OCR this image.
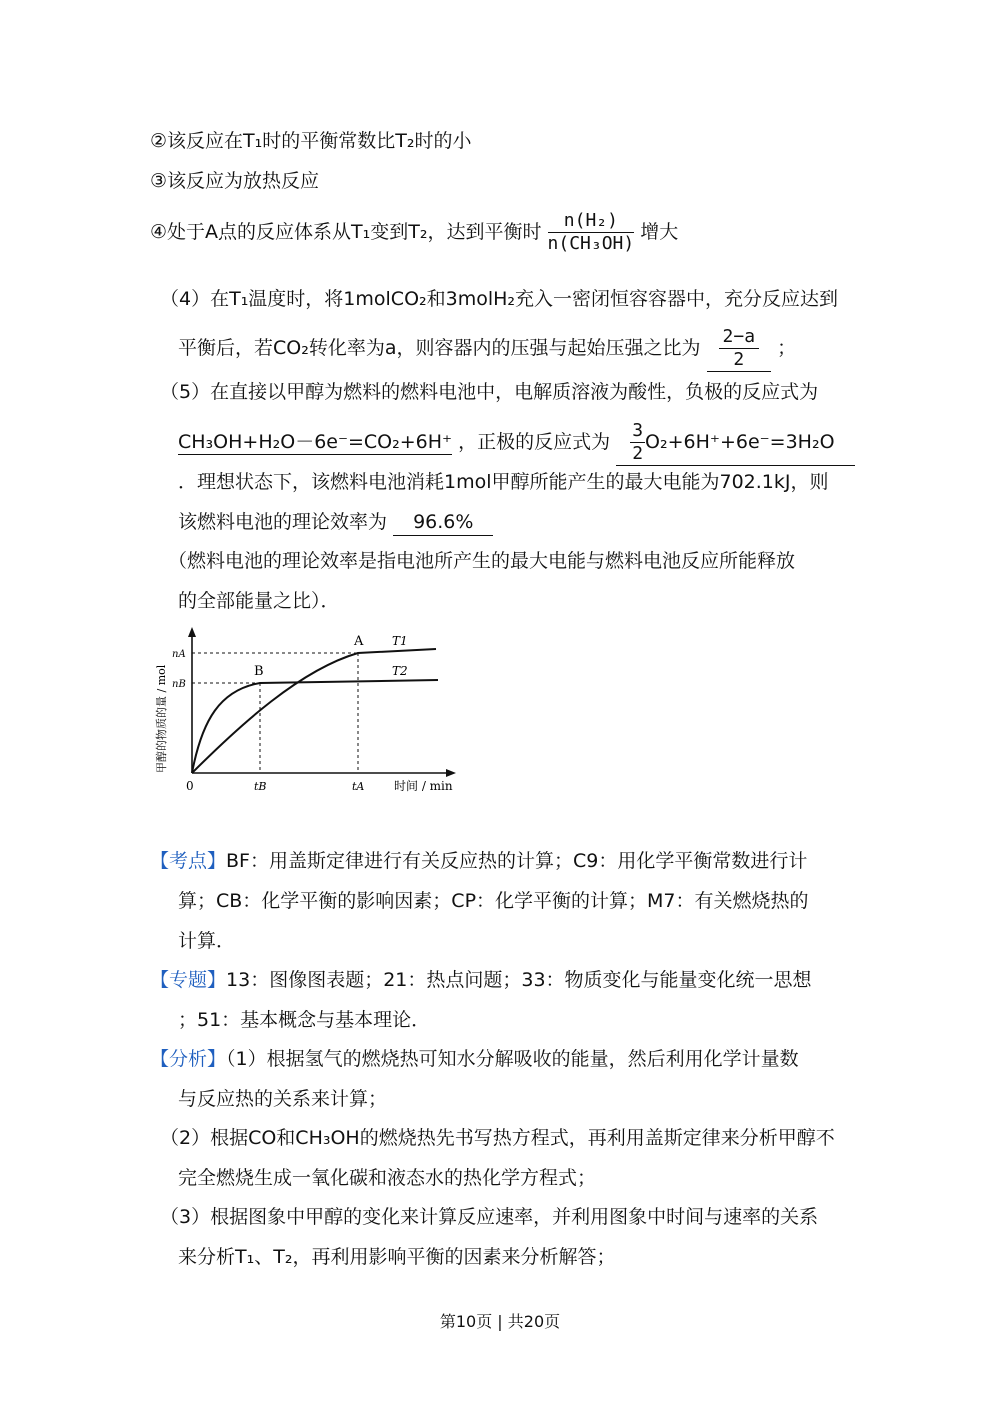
②该反应在T₁时的平衡常数比T₂时的小
③该反应为放热反应
④处于A点的反应体系从T₁变到T₂，达到平衡时 $\frac{\text{n(H₂)}}{\text{n(CH₃OH)}}$ 增大
（4）在T₁温度时，将1molCO₂和3molH₂充入一密闭恒容容器中，充分反应达到
平衡后，若CO₂转化率为a，则容器内的压强与起始压强之比为 $\frac{2-a}{2}$ ；
（5）在直接以甲醇为燃料的燃料电池中，电解质溶液为酸性，负极的反应式为
CH₃OH+H₂O－6e⁻=CO₂+6H⁺ ，正极的反应式为 $\frac{3}{2} O_2+6H^++6e^-=3H_2O$
．理想状态下，该燃料电池消耗1mol甲醇所能产生的最大电能为702.1kJ，则
该燃料电池的理论效率为 96.6%
（燃料电池的理论效率是指电池所产生的最大电能与燃料电池反应所能释放
的全部能量之比）．
A
B
T1
T2
nA
nB
0	tB	tA 时间 / min
甲醇的物质的量 / mol
【考点】BF：用盖斯定律进行有关反应热的计算；C9：用化学平衡常数进行计
算；CB：化学平衡的影响因素；CP：化学平衡的计算；M7：有关燃烧热的
计算．
【专题】13：图像图表题；21：热点问题；33：物质变化与能量变化统一思想
；51：基本概念与基本理论．
【分析】（1）根据氢气的燃烧热可知水分解吸收的能量，然后利用化学计量数
与反应热的关系来计算；
（2）根据CO和CH₃OH的燃烧热先书写热方程式，再利用盖斯定律来分析甲醇不
完全燃烧生成一氧化碳和液态水的热化学方程式；
（3）根据图象中甲醇的变化来计算反应速率，并利用图象中时间与速率的关系
来分析T₁、T₂，再利用影响平衡的因素来分析解答；
第10页 | 共20页
